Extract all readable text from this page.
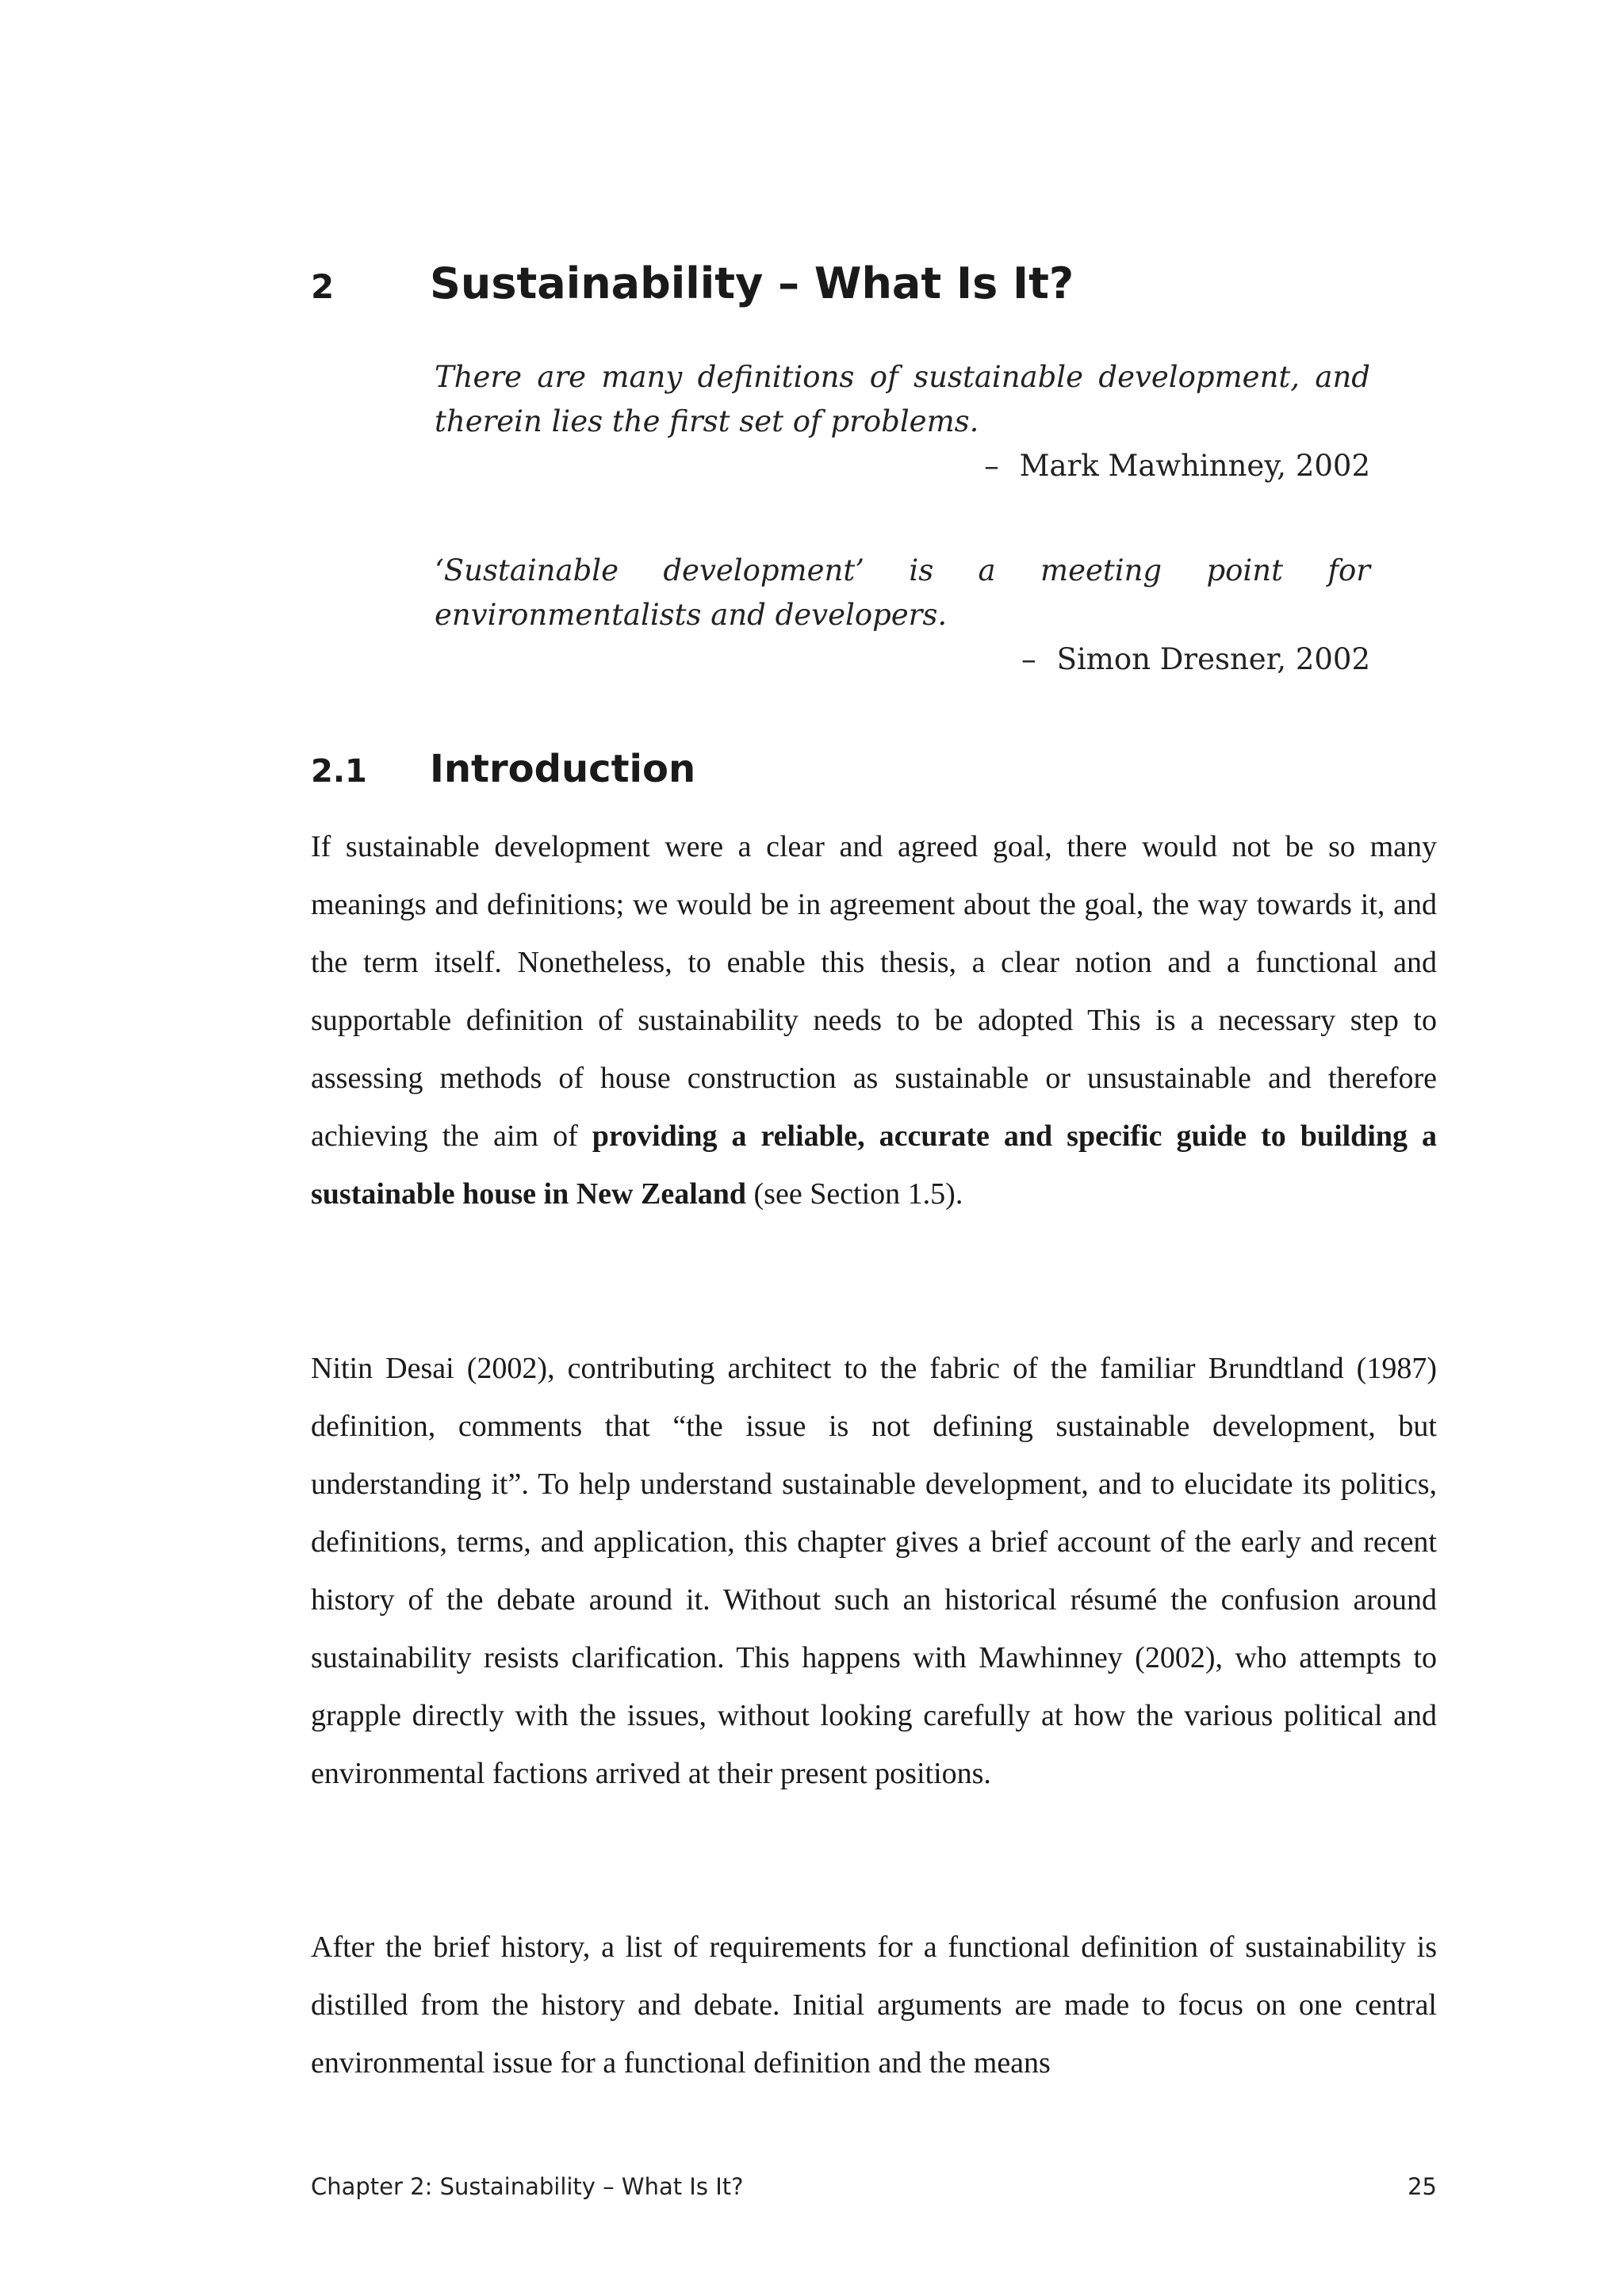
2 Sustainability – What Is It?
There are many definitions of sustainable development, and therein lies the first set of problems.
– Mark Mawhinney, 2002
‘Sustainable development’ is a meeting point for environmentalists and developers.
– Simon Dresner, 2002
2.1 Introduction

If sustainable development were a clear and agreed goal, there would not be so many meanings and definitions; we would be in agreement about the goal, the way towards it, and the term itself. Nonetheless, to enable this thesis, a clear notion and a functional and supportable definition of sustainability needs to be adopted This is a necessary step to assessing methods of house construction as sustainable or unsustainable and therefore achieving the aim of providing a reliable, accurate and specific guide to building a sustainable house in New Zealand (see Section 1.5).

Nitin Desai (2002), contributing architect to the fabric of the familiar Brundtland (1987) definition, comments that “the issue is not defining sustainable development, but understanding it”. To help understand sustainable development, and to elucidate its politics, definitions, terms, and application, this chapter gives a brief account of the early and recent history of the debate around it. Without such an historical résumé the confusion around sustainability resists clarification. This happens with Mawhinney (2002), who attempts to grapple directly with the issues, without looking carefully at how the various political and environmental factions arrived at their present positions.

After the brief history, a list of requirements for a functional definition of sustainability is distilled from the history and debate. Initial arguments are made to focus on one central environmental issue for a functional definition and the means

Chapter 2: Sustainability – What Is It?	25
